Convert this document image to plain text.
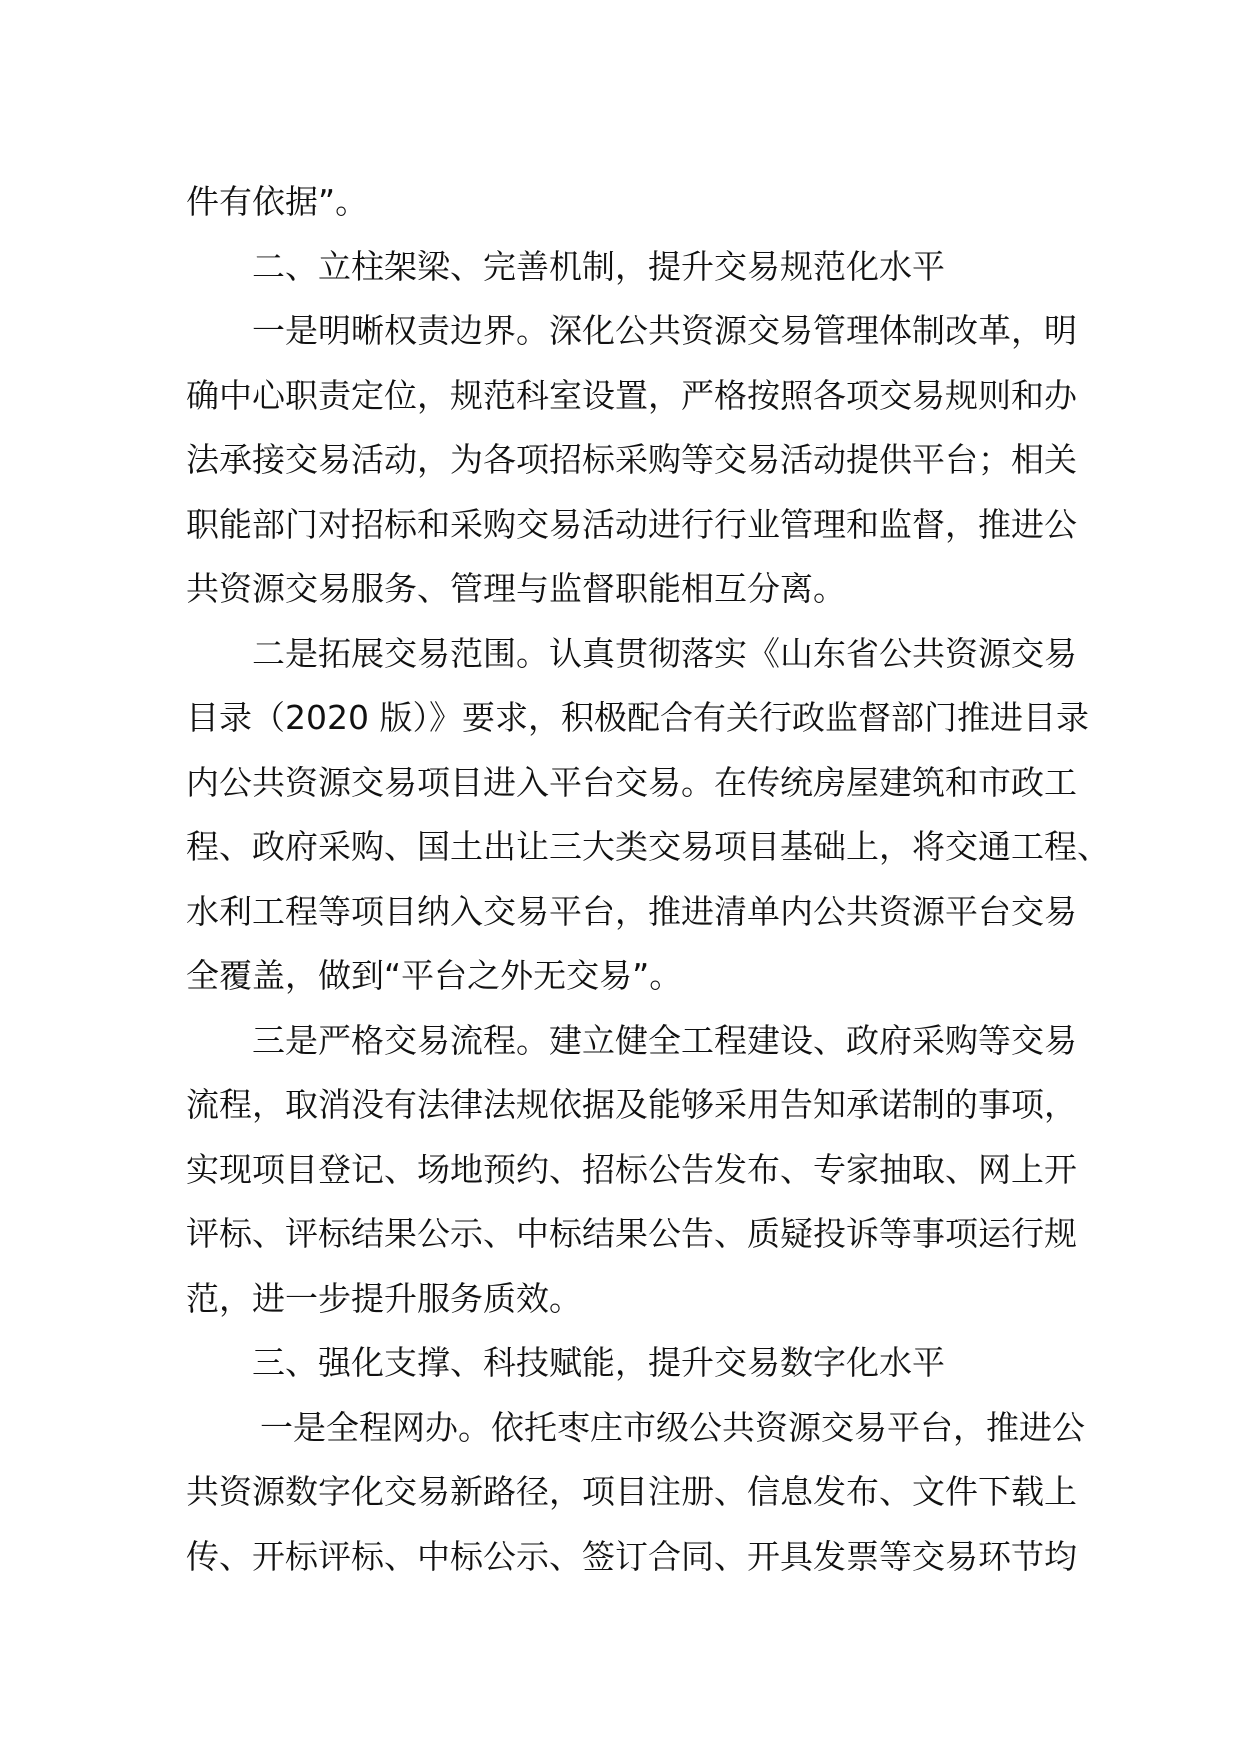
件有依据”。
二、立柱架梁、完善机制，提升交易规范化水平
一是明晰权责边界。深化公共资源交易管理体制改革，明
确中心职责定位，规范科室设置，严格按照各项交易规则和办
法承接交易活动，为各项招标采购等交易活动提供平台；相关
职能部门对招标和采购交易活动进行行业管理和监督，推进公
共资源交易服务、管理与监督职能相互分离。
二是拓展交易范围。认真贯彻落实《山东省公共资源交易
目录（2020 版）》要求，积极配合有关行政监督部门推进目录
内公共资源交易项目进入平台交易。在传统房屋建筑和市政工
程、政府采购、国土出让三大类交易项目基础上，将交通工程、
水利工程等项目纳入交易平台，推进清单内公共资源平台交易
全覆盖，做到“平台之外无交易”。
三是严格交易流程。建立健全工程建设、政府采购等交易
流程，取消没有法律法规依据及能够采用告知承诺制的事项，
实现项目登记、场地预约、招标公告发布、专家抽取、网上开
评标、评标结果公示、中标结果公告、质疑投诉等事项运行规
范，进一步提升服务质效。
三、强化支撑、科技赋能，提升交易数字化水平
一是全程网办。依托枣庄市级公共资源交易平台，推进公
共资源数字化交易新路径，项目注册、信息发布、文件下载上
传、开标评标、中标公示、签订合同、开具发票等交易环节均
